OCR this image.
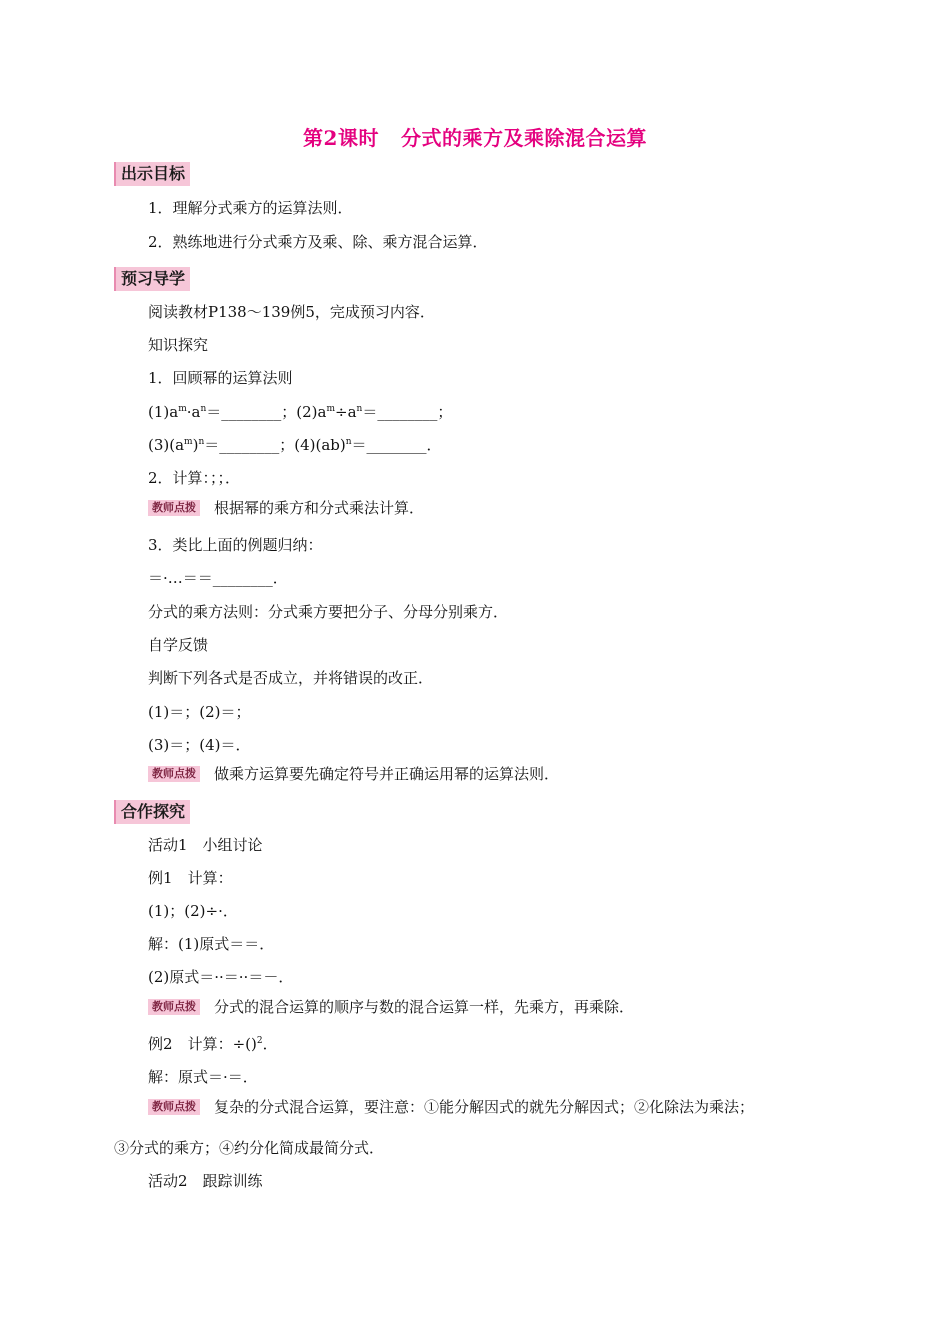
第2课时 分式的乘方及乘除混合运算
出示目标
1．理解分式乘方的运算法则．
2．熟练地进行分式乘方及乘、除、乘方混合运算．
预习导学
阅读教材P138～139例5，完成预习内容．
知识探究
1．回顾幂的运算法则
$(1)a^m\cdot a^n=\_\_\_\_\_\_\_\_$；$(2)a^m\div a^n=\_\_\_\_\_\_\_\_$；
$(3)(a^m)^n=\_\_\_\_\_\_\_\_$；(4)(ab)$^n$＝________．
2．计算：；；．
教师点拨 根据幂的乘方和分式乘法计算．
3．类比上面的例题归纳：
＝·…＝＝________．
分式的乘方法则：分式乘方要把分子、分母分别乘方．
自学反馈
判断下列各式是否成立，并将错误的改正．
(1)＝；(2)＝；
(3)＝；(4)＝．
教师点拨 做乘方运算要先确定符号并正确运用幂的运算法则．
合作探究
活动1　小组讨论
例1　 计算：
(1)；(2)÷·．
解：(1)原式＝＝．
(2)原式＝··＝··＝－．
教师点拨 分式的混合运算的顺序与数的混合运算一样，先乘方，再乘除．
例2　 计算：÷()$^2$．
解：原式＝·＝．
教师点拨 复杂的分式混合运算，要注意：①能分解因式的就先分解因式；②化除法为乘法；
③分式的乘方；④约分化简成最简分式．
活动2　跟踪训练
